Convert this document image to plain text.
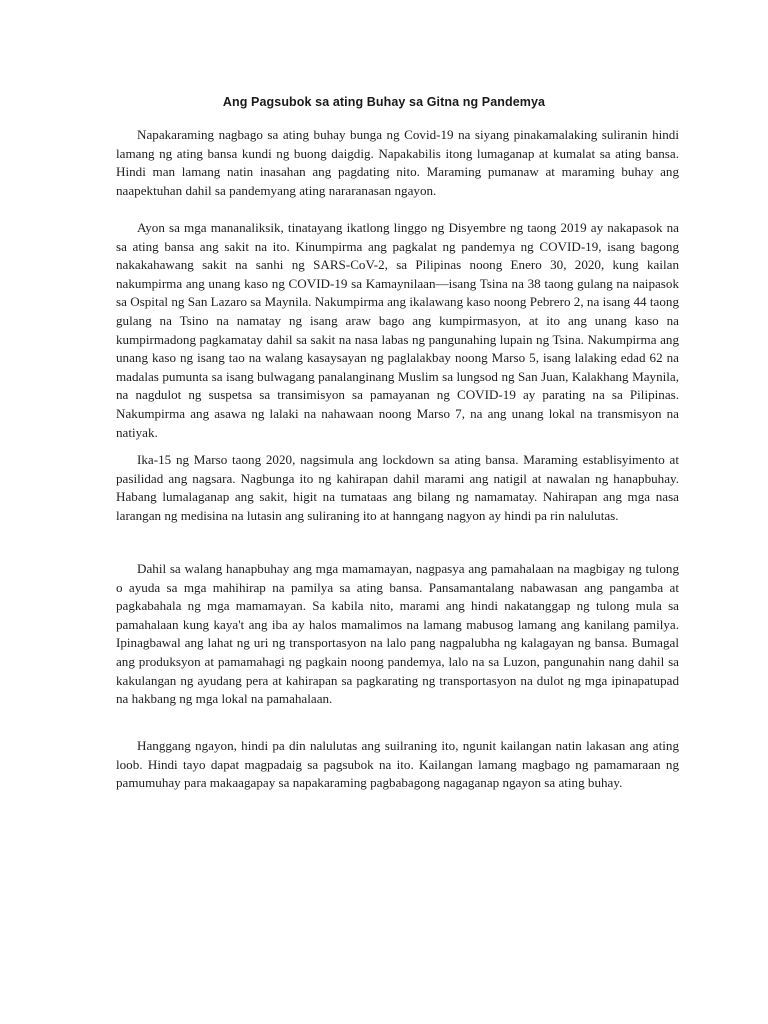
Ang Pagsubok sa ating Buhay sa Gitna ng Pandemya

Napakaraming nagbago sa ating buhay bunga ng Covid-19 na siyang pinakamalaking suliranin hindi lamang ng ating bansa kundi ng buong daigdig. Napakabilis itong lumaganap at kumalat sa ating bansa. Hindi man lamang natin inasahan ang pagdating nito. Maraming pumanaw at maraming buhay ang naapektuhan dahil sa pandemyang ating nararanasan ngayon.

Ayon sa mga mananaliksik, tinatayang ikatlong linggo ng Disyembre ng taong 2019 ay nakapasok na sa ating bansa ang sakit na ito. Kinumpirma ang pagkalat ng pandemya ng COVID-19, isang bagong nakakahawang sakit na sanhi ng SARS-CoV-2, sa Pilipinas noong Enero 30, 2020, kung kailan nakumpirma ang unang kaso ng COVID-19 sa Kamaynilaan—isang Tsina na 38 taong gulang na naipasok sa Ospital ng San Lazaro sa Maynila. Nakumpirma ang ikalawang kaso noong Pebrero 2, na isang 44 taong gulang na Tsino na namatay ng isang araw bago ang kumpirmasyon, at ito ang unang kaso na kumpirmadong pagkamatay dahil sa sakit na nasa labas ng pangunahing lupain ng Tsina. Nakumpirma ang unang kaso ng isang tao na walang kasaysayan ng paglalakbay noong Marso 5, isang lalaking edad 62 na madalas pumunta sa isang bulwagang panalanginang Muslim sa lungsod ng San Juan, Kalakhang Maynila, na nagdulot ng suspetsa sa transimisyon sa pamayanan ng COVID-19 ay parating na sa Pilipinas. Nakumpirma ang asawa ng lalaki na nahawaan noong Marso 7, na ang unang lokal na transmisyon na natiyak.

Ika-15 ng Marso taong 2020, nagsimula ang lockdown sa ating bansa. Maraming establisyimento at pasilidad ang nagsara. Nagbunga ito ng kahirapan dahil marami ang natigil at nawalan ng hanapbuhay. Habang lumalaganap ang sakit, higit na tumataas ang bilang ng namamatay. Nahirapan ang mga nasa larangan ng medisina na lutasin ang suliraning ito at hanngang nagyon ay hindi pa rin nalulutas.

Dahil sa walang hanapbuhay ang mga mamamayan, nagpasya ang pamahalaan na magbigay ng tulong o ayuda sa mga mahihirap na pamilya sa ating bansa. Pansamantalang nabawasan ang pangamba at pagkabahala ng mga mamamayan. Sa kabila nito, marami ang hindi nakatanggap ng tulong mula sa pamahalaan kung kaya't ang iba ay halos mamalimos na lamang mabusog lamang ang kanilang pamilya. Ipinagbawal ang lahat ng uri ng transportasyon na lalo pang nagpalubha ng kalagayan ng bansa. Bumagal ang produksyon at pamamahagi ng pagkain noong pandemya, lalo na sa Luzon, pangunahin nang dahil sa kakulangan ng ayudang pera at kahirapan sa pagkarating ng transportasyon na dulot ng mga ipinapatupad na hakbang ng mga lokal na pamahalaan.

Hanggang ngayon, hindi pa din nalulutas ang suilraning ito, ngunit kailangan natin lakasan ang ating loob. Hindi tayo dapat magpadaig sa pagsubok na ito. Kailangan lamang magbago ng pamamaraan ng pamumuhay para makaagapay sa napakaraming pagbabagong nagaganap ngayon sa ating buhay.
